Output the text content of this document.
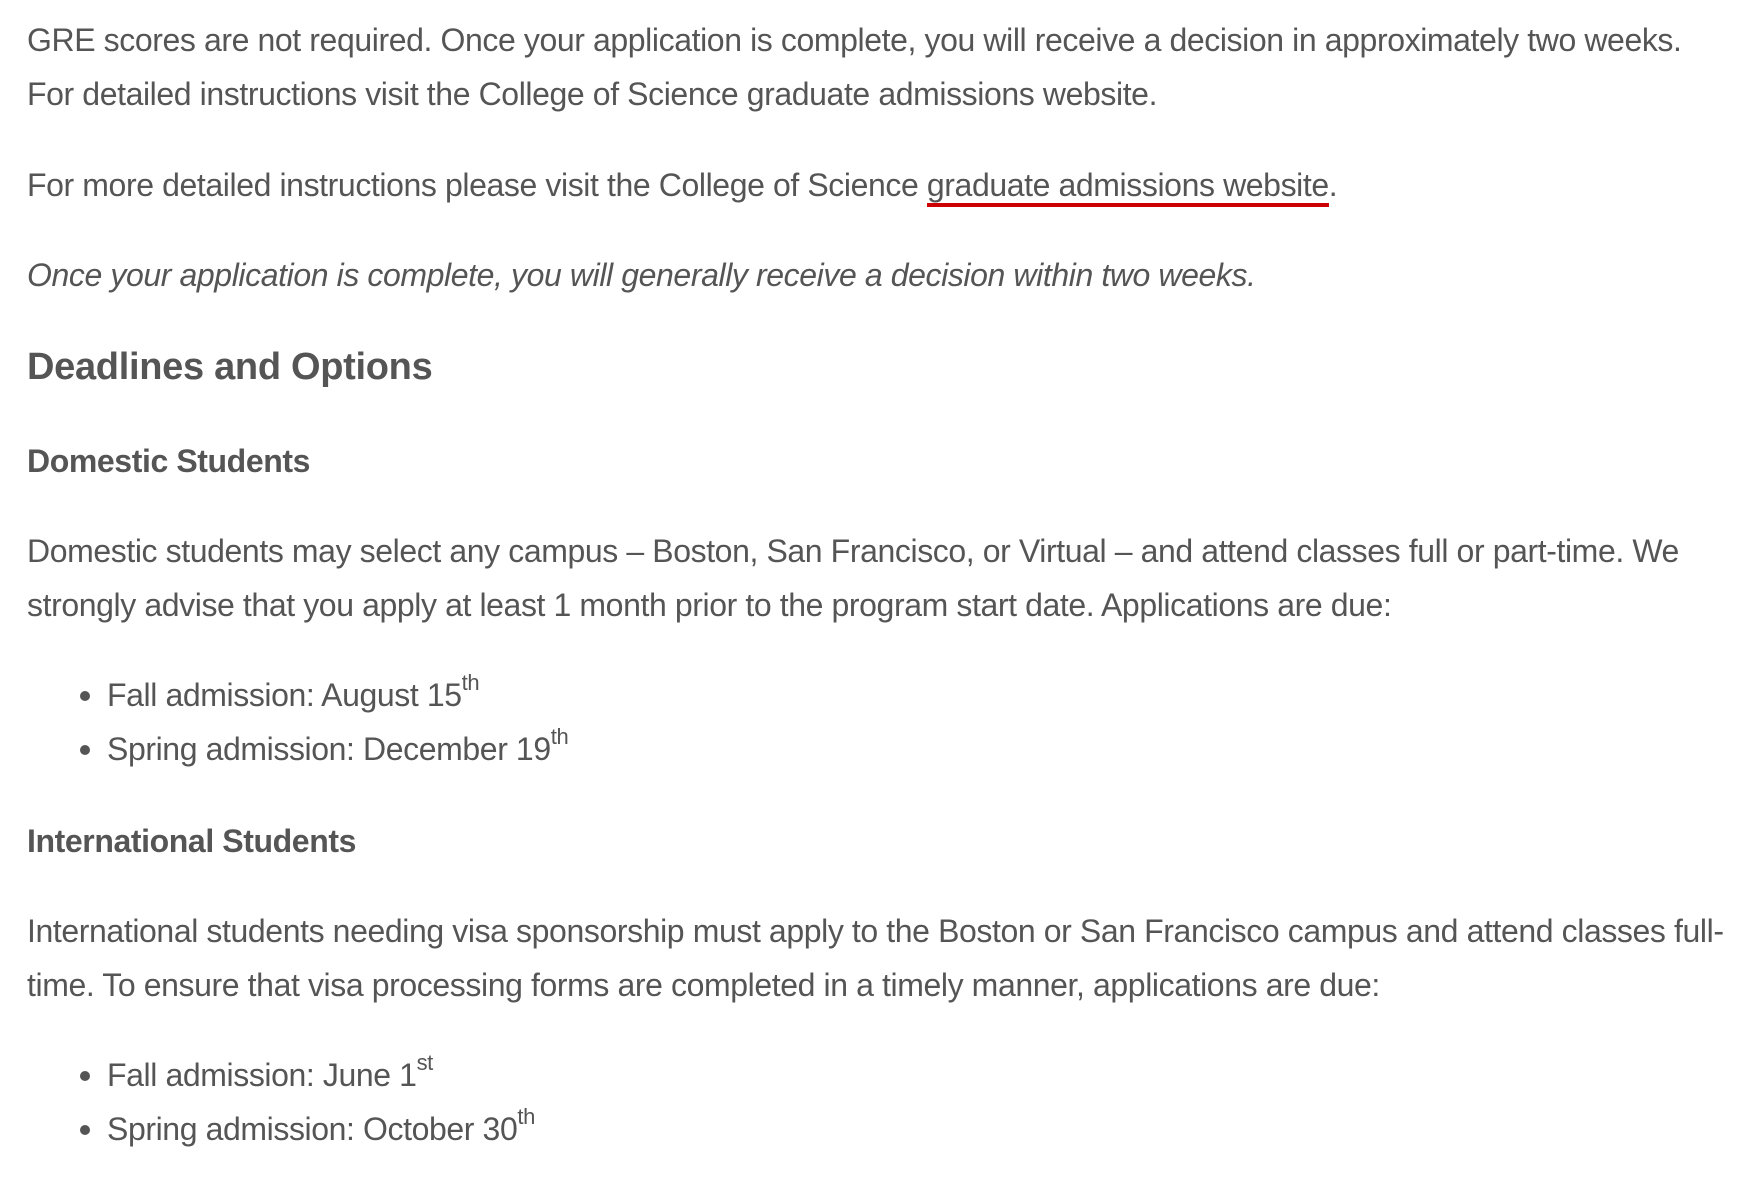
GRE scores are not required. Once your application is complete, you will receive a decision in approximately two weeks. For detailed instructions visit the College of Science graduate admissions website.

For more detailed instructions please visit the College of Science graduate admissions website.

Once your application is complete, you will generally receive a decision within two weeks.

Deadlines and Options
Domestic Students

Domestic students may select any campus – Boston, San Francisco, or Virtual – and attend classes full or part-time. We strongly advise that you apply at least 1 month prior to the program start date. Applications are due:

Fall admission: August 15th
Spring admission: December 19th
International Students

International students needing visa sponsorship must apply to the Boston or San Francisco campus and attend classes full-time. To ensure that visa processing forms are completed in a timely manner, applications are due:

Fall admission: June 1st
Spring admission: October 30th
